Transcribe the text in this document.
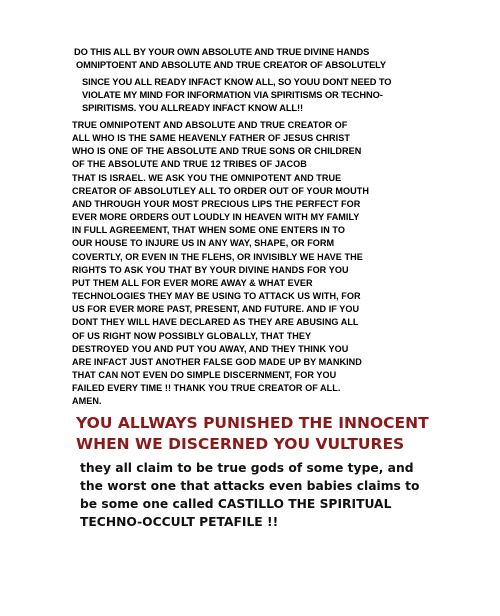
DO THIS ALL BY YOUR OWN ABSOLUTE AND TRUE DIVINE HANDS
OMNIPTOENT AND ABSOLUTE AND TRUE CREATOR OF ABSOLUTELY
SINCE YOU ALL READY INFACT KNOW ALL, SO YOUU DONT NEED TO VIOLATE MY MIND FOR INFORMATION VIA SPIRITISMS OR TECHNO-SPIRITISMS. YOU ALLREADY INFACT KNOW ALL!!
TRUE OMNIPOTENT AND ABSOLUTE AND TRUE CREATOR OF
ALL WHO IS THE SAME HEAVENLY FATHER OF JESUS CHRIST
WHO IS ONE OF THE ABSOLUTE AND TRUE SONS OR CHILDREN
OF THE ABSOLUTE AND TRUE 12 TRIBES OF JACOB
THAT IS ISRAEL. WE ASK YOU THE OMNIPOTENT AND TRUE
CREATOR OF ABSOLUTLEY ALL TO ORDER OUT OF YOUR MOUTH
AND THROUGH YOUR MOST PRECIOUS LIPS THE PERFECT FOR
EVER MORE ORDERS OUT LOUDLY IN HEAVEN WITH MY FAMILY
IN FULL AGREEMENT, THAT WHEN SOME ONE ENTERS IN TO
OUR HOUSE TO INJURE US IN ANY WAY, SHAPE, OR FORM
COVERTLY, OR EVEN IN THE FLEHS, OR INVISIBLY WE HAVE THE
RIGHTS TO ASK YOU THAT BY YOUR DIVINE HANDS FOR YOU
PUT THEM ALL FOR EVER MORE AWAY & WHAT EVER
TECHNOLOGIES THEY MAY BE USING TO ATTACK US WITH, FOR
US FOR EVER MORE PAST, PRESENT, AND FUTURE. AND IF YOU
DONT THEY WILL HAVE DECLARED AS THEY ARE ABUSING ALL
OF US RIGHT NOW POSSIBLY GLOBALLY, THAT THEY
DESTROYED YOU AND PUT YOU AWAY, AND THEY THINK YOU
ARE INFACT JUST ANOTHER FALSE GOD MADE UP BY MANKIND
THAT CAN NOT EVEN DO SIMPLE DISCERNMENT, FOR YOU
FAILED EVERY TIME !! THANK YOU TRUE CREATOR OF ALL.
AMEN.
YOU ALLWAYS PUNISHED THE INNOCENT
WHEN WE DISCERNED YOU VULTURES
they all claim to be true gods of some type, and
the worst one that attacks even babies claims to
be some one called CASTILLO THE SPIRITUAL
TECHNO-OCCULT PETAFILE !!
